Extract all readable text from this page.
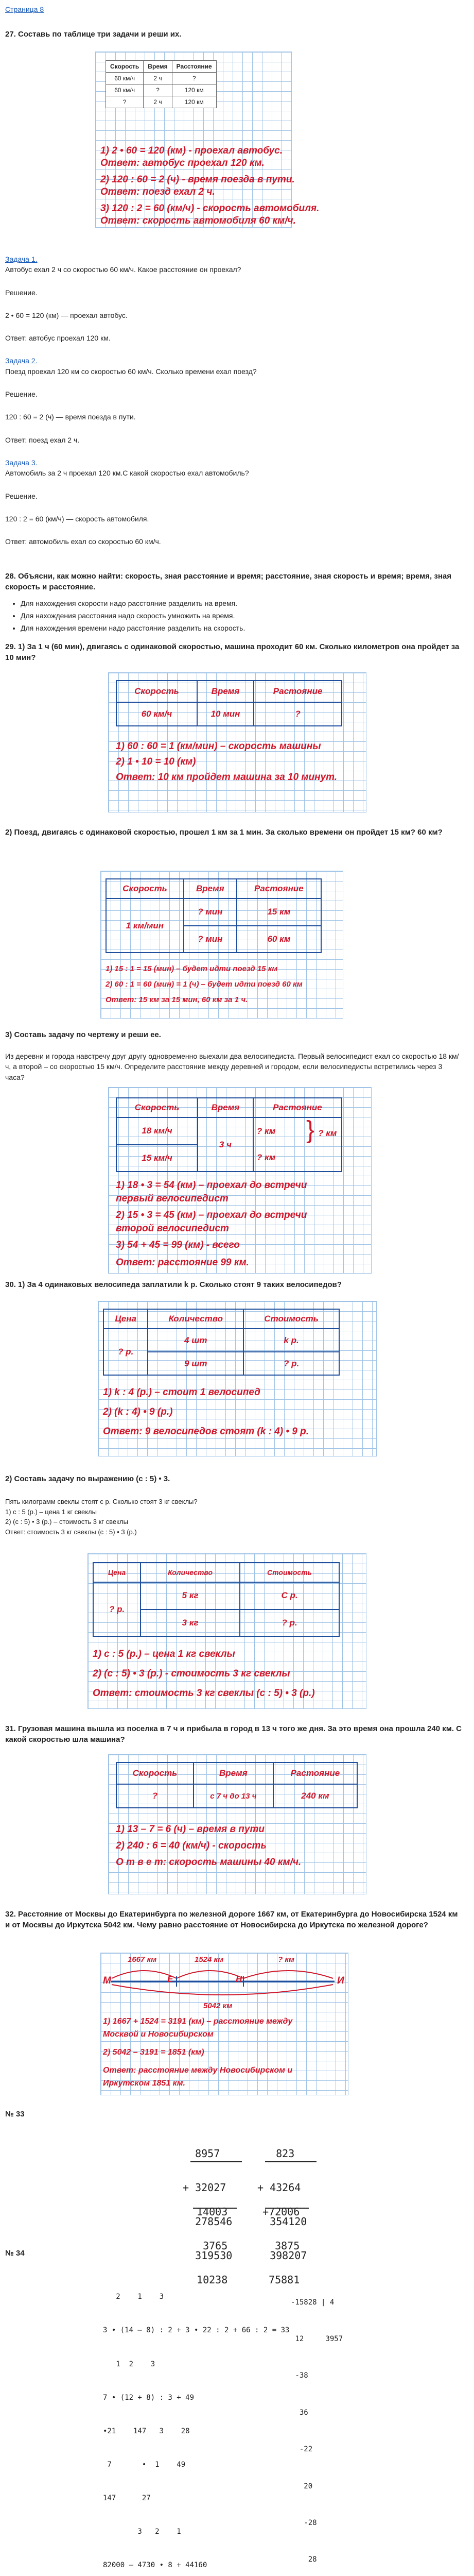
Страница 8
27. Составь по таблице три задачи и реши их.
Скорость	Время	Расстояние
60 км/ч	2 ч	?
60 км/ч	?	120 км
?	2 ч	120 км
1) 2 • 60 = 120 (км) - проехал автобус.
Ответ: автобус проехал 120 км.
2) 120 : 60 = 2 (ч) - время поезда в пути.
Ответ: поезд ехал 2 ч.
3) 120 : 2 = 60 (км/ч) - скорость автомобиля.
Ответ: скорость автомобиля 60 км/ч.
Задача 1.
Автобус ехал 2 ч со скоростью 60 км/ч. Какое расстояние он проехал?
Решение.
2 • 60 = 120 (км) — проехал автобус.
Ответ: автобус проехал 120 км.
Задача 2.
Поезд проехал 120 км со скоростью 60 км/ч. Сколько времени ехал поезд?
Решение.
120 : 60 = 2 (ч) — время поезда в пути.
Ответ: поезд ехал 2 ч.
Задача 3.
Автомобиль за 2 ч проехал 120 км.С какой скоростью ехал автомобиль?
Решение.
120 : 2 = 60 (км/ч) — скорость автомобиля.
Ответ: автомобиль ехал со скоростью 60 км/ч.
28. Объясни, как можно найти: скорость, зная расстояние и время; расстояние, зная скорость и время; время, зная скорость и расстояние.
• Для нахождения скорости надо расстояние разделить на время.
• Для нахождения расстояния надо скорость умножить на время.
• Для нахождения времени надо расстояние разделить на скорость.
29. 1) За 1 ч (60 мин), двигаясь с одинаковой скоростью, машина проходит 60 км. Сколько километров она пройдет за 10 мин?
Скорость	Время	Растояние
60 км/ч	10 мин	?
1) 60 : 60 = 1 (км/мин) – скорость машины
2) 1 • 10 = 10 (км)
Ответ: 10 км пройдет машина за 10 минут.
2) Поезд, двигаясь с одинаковой скоростью, прошел 1 км за 1 мин. За сколько времени он пройдет 15 км? 60 км?
Скорость	Время	Растояние
1 км/мин	? мин	15 км
	? мин	60 км
1) 15 : 1 = 15 (мин) – будет идти поезд 15 км
2) 60 : 1 = 60 (мин) = 1 (ч) – будет идти поезд 60 км
Ответ: 15 км за 15 мин, 60 км за 1 ч.
3) Составь задачу по чертежу и реши ее.
Из деревни и города навстречу друг другу одновременно выехали два велосипедиста. Первый велосипедист ехал со скоростью 18 км/ч, а второй – со скоростью 15 км/ч. Определите расстояние между деревней и городом, если велосипедисты встретились через 3 часа?
Скорость	Время	Растояние
18 км/ч	3 ч	? км
15 км/ч		? км
} ? км
1) 18 • 3 = 54 (км) – проехал до встречи
первый велосипедист
2) 15 • 3 = 45 (км) – проехал до встречи
второй велосипедист
3) 54 + 45 = 99 (км) - всего
Ответ: расстояние 99 км.
30. 1) За 4 одинаковых велосипеда заплатили k р. Сколько стоят 9 таких велосипедов?
Цена	Количество	Стоимость
? р.	4 шт	k р.
	9 шт	? р.
1) k : 4 (р.) – стоит 1 велосипед
2) (k : 4) • 9 (р.)
Ответ: 9 велосипедов стоят (k : 4) • 9 р.
2) Составь задачу по выражению (с : 5) • 3.
Пять килограмм свеклы стоят с р. Сколько стоят 3 кг свеклы?
1) с : 5 (р.) – цена 1 кг свеклы
2) (с : 5) • 3 (р.) – стоимость 3 кг свеклы
Ответ: стоимость 3 кг свеклы (с : 5) • 3 (р.)
Цена	Количество	Стоимость
? р.	5 кг	С р.
	3 кг	? р.
1) с : 5 (р.) – цена 1 кг свеклы
2) (с : 5) • 3 (р.) - стоимость 3 кг свеклы
Ответ: стоимость 3 кг свеклы (с : 5) • 3 (р.)
31. Грузовая машина вышла из поселка в 7 ч и прибыла в город в 13 ч того же дня. За это время она прошла 240 км. С какой скоростью шла машина?
Скорость	Время	Растояние
?	с 7 ч до 13 ч	240 км
1) 13 – 7 = 6 (ч) – время в пути
2) 240 : 6 = 40 (км/ч) - скорость
О т в е т: скорость машины 40 км/ч.
32. Расстояние от Москвы до Екатеринбурга по железной дороге 1667 км, от Екатеринбурга до Новосибирска 1524 км и от Москвы до Иркутска 5042 км. Чему равно расстояние от Новосибирска до Иркутска по железной дороге?
М	Е	Н	И
1667 км	1524 км	? км
5042 км
1) 1667 + 1524 = 3191 (км) – расстояние между
Москвой и Новосибирском
2) 5042 – 3191 = 1851 (км)
Ответ: расстояние между Новосибирском и
Иркутском 1851 км.
№ 33

8957

+ 32027

278546

319530

823

+ 43264

354120

398207

14003

3765

10238

+72006

3875

75881

№ 34

2    1    3

3 • (14 – 8) : 2 + 3 • 22 : 2 + 66 : 2 = 33

1  2    3

7 • (12 + 8) : 3 + 49

•21    147   3    28

7       •  1    49

147      27

3   2    1

82000 – 4730 • 8 + 44160

-15828 | 4

12     3957

-38

36

-22

20

-28

28
